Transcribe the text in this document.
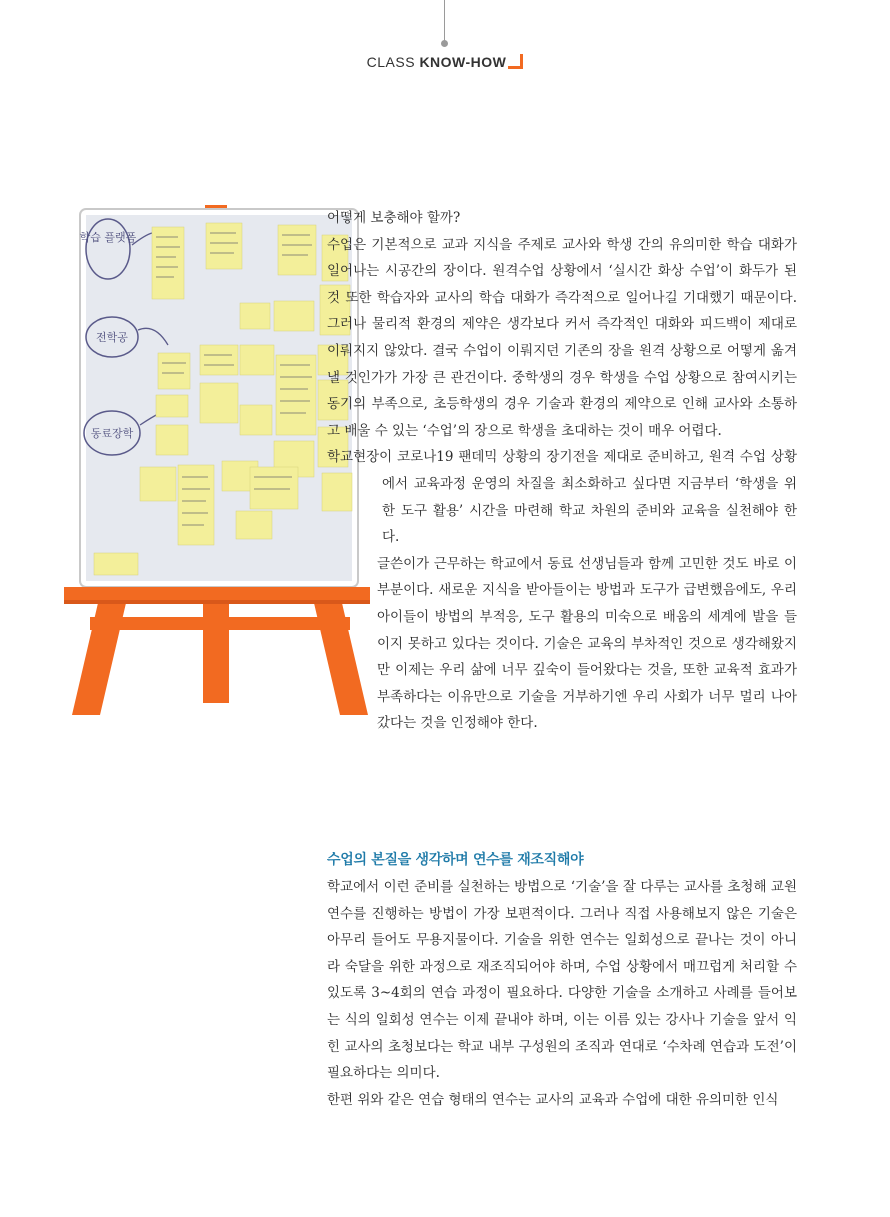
CLASS KNOW-HOW
학습 플랫폼
전학공
동료장학

어떻게 보충해야 할까?

수업은 기본적으로 교과 지식을 주제로 교사와 학생 간의 유의미한 학습 대화가 일어나는 시공간의 장이다. 원격수업 상황에서 ‘실시간 화상 수업’이 화두가 된 것 또한 학습자와 교사의 학습 대화가 즉각적으로 일어나길 기대했기 때문이다. 그러나 물리적 환경의 제약은 생각보다 커서 즉각적인 대화와 피드백이 제대로 이뤄지지 않았다. 결국 수업이 이뤄지던 기존의 장을 원격 상황으로 어떻게 옮겨낼 것인가가 가장 큰 관건이다. 중학생의 경우 학생을 수업 상황으로 참여시키는 동기의 부족으로, 초등학생의 경우 기술과 환경의 제약으로 인해 교사와 소통하고 배울 수 있는 ‘수업’의 장으로 학생을 초대하는 것이 매우 어렵다.

학교현장이 코로나19 팬데믹 상황의 장기전을 제대로 준비하고, 원격 수업 상황에서 교육과정 운영의 차질을 최소화하고 싶다면 지금부터 ‘학생을 위한 도구 활용’ 시간을 마련해 학교 차원의 준비와 교육을 실천해야 한다.

글쓴이가 근무하는 학교에서 동료 선생님들과 함께 고민한 것도 바로 이 부분이다. 새로운 지식을 받아들이는 방법과 도구가 급변했음에도, 우리 아이들이 방법의 부적응, 도구 활용의 미숙으로 배움의 세계에 발을 들이지 못하고 있다는 것이다. 기술은 교육의 부차적인 것으로 생각해왔지만 이제는 우리 삶에 너무 깊숙이 들어왔다는 것을, 또한 교육적 효과가 부족하다는 이유만으로 기술을 거부하기엔 우리 사회가 너무 멀리 나아갔다는 것을 인정해야 한다.

수업의 본질을 생각하며 연수를 재조직해야

학교에서 이런 준비를 실천하는 방법으로 ‘기술’을 잘 다루는 교사를 초청해 교원 연수를 진행하는 방법이 가장 보편적이다. 그러나 직접 사용해보지 않은 기술은 아무리 들어도 무용지물이다. 기술을 위한 연수는 일회성으로 끝나는 것이 아니라 숙달을 위한 과정으로 재조직되어야 하며, 수업 상황에서 매끄럽게 처리할 수 있도록 3~4회의 연습 과정이 필요하다. 다양한 기술을 소개하고 사례를 들어보는 식의 일회성 연수는 이제 끝내야 하며, 이는 이름 있는 강사나 기술을 앞서 익힌 교사의 초청보다는 학교 내부 구성원의 조직과 연대로 ‘수차례 연습과 도전’이 필요하다는 의미다.

한편 위와 같은 연습 형태의 연수는 교사의 교육과 수업에 대한 유의미한 인식
